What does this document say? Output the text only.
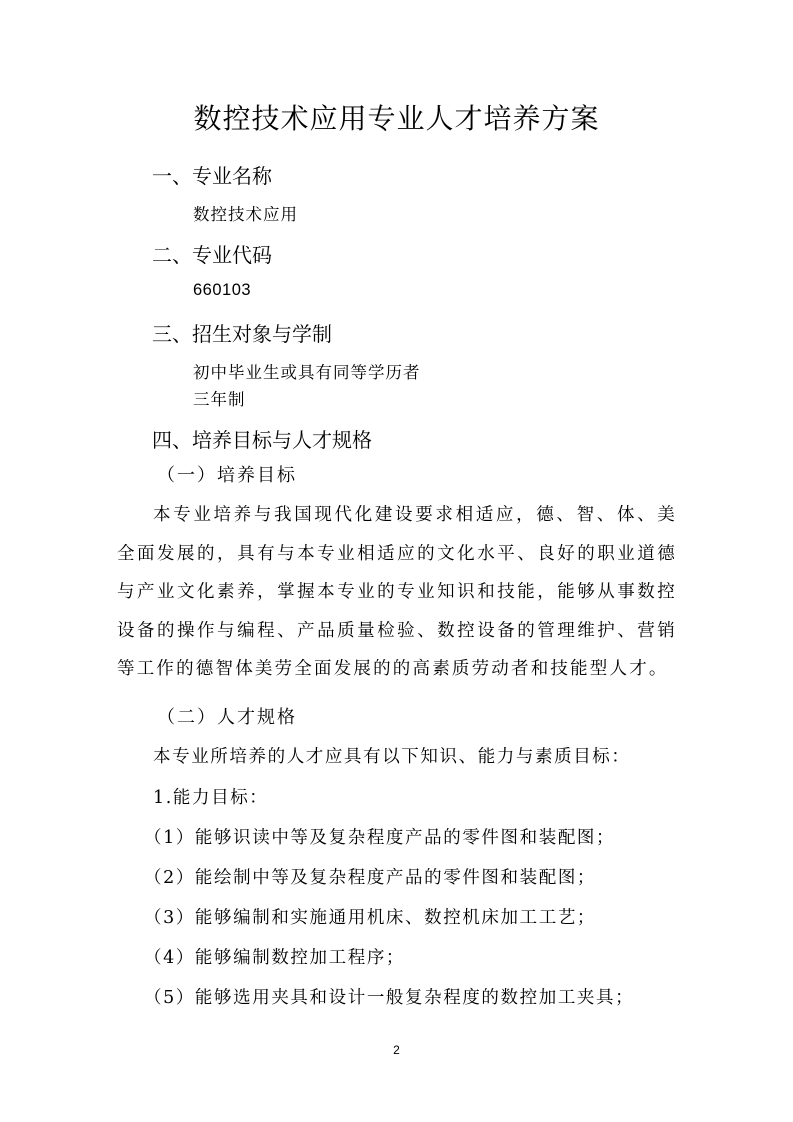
数控技术应用专业人才培养方案
一、专业名称
数控技术应用
二、专业代码
660103
三、招生对象与学制
初中毕业生或具有同等学历者
三年制
四、培养目标与人才规格
（一）培养目标
本专业培养与我国现代化建设要求相适应，德、智、体、美全面发展的，具有与本专业相适应的文化水平、良好的职业道德与产业文化素养，掌握本专业的专业知识和技能，能够从事数控设备的操作与编程、产品质量检验、数控设备的管理维护、营销等工作的德智体美劳全面发展的的高素质劳动者和技能型人才。
（二）人才规格
本专业所培养的人才应具有以下知识、能力与素质目标：
1.能力目标：
（1）能够识读中等及复杂程度产品的零件图和装配图；
（2）能绘制中等及复杂程度产品的零件图和装配图；
（3）能够编制和实施通用机床、数控机床加工工艺；
（4）能够编制数控加工程序；
（5）能够选用夹具和设计一般复杂程度的数控加工夹具；
2
